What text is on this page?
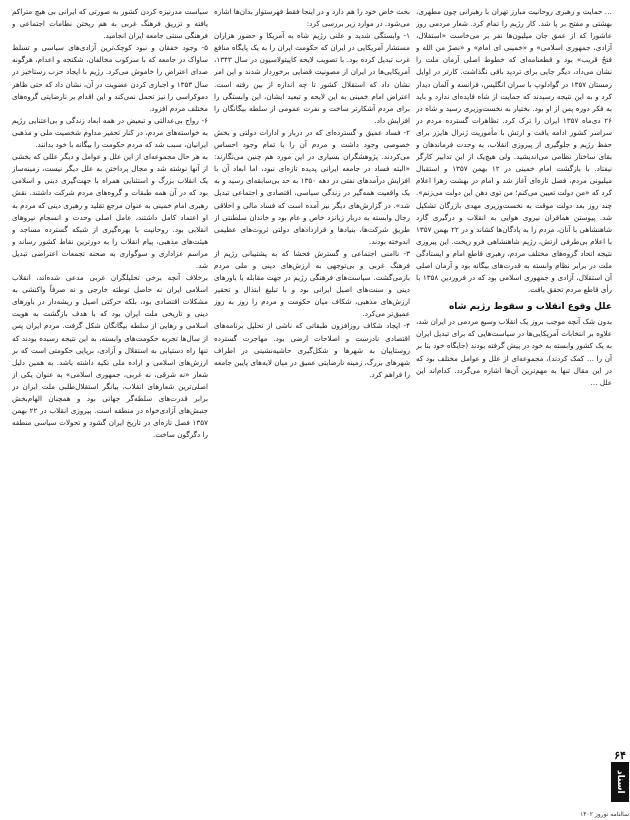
… حمایت و رهبری روحانیت مبارز تهران با رهبرانی چون مطهری، بهشتی و مفتح بر پا شد. کار رژیم را تمام کرد. شعار مردمی روز عاشورا که از عمق جان میلیون‌ها نفر بر می‌خاست «استقلال، آزادی، جمهوری اسلامی» و «خمینی ای امام» و «نصرٌ من الله و فتحٌ قریب» بود و قطعنامه‌ای که خطوط اصلی آرمان ملت را نشان می‌داد، دیگر جایی برای تردید باقی نگذاشت. کارتر در اوایل زمستان ۱۳۵۷ در گوادلوپ با سران انگلیس، فرانسه و آلمان دیدار کرد و به این نتیجه رسیدند که حمایت از شاه فایده‌ای ندارد و باید به فکر دوره پس از او بود. بختیار به نخست‌وزیری رسید و شاه در ۲۶ دی‌ماه ۱۳۵۷ ایران را ترک کرد. تظاهرات گسترده مردم در سراسر کشور ادامه یافت و ارتش با مأموریت ژنرال هایزر برای حفظ رژیم و جلوگیری از پیروزی انقلاب، به وحدت فرماندهان و بقای ساختار نظامی می‌اندیشید. ولی هیچ‌یک از این تدابیر کارگر نیفتاد. با بازگشت امام خمینی در ۱۲ بهمن ۱۳۵۷ و استقبال میلیونی مردم، فصل تازه‌ای آغاز شد و امام در بهشت زهرا اعلام کرد که «من دولت تعیین می‌کنم؛ من توی دهن این دولت می‌زنم». چند روز بعد دولت موقت به نخست‌وزیری مهدی بازرگان تشکیل شد. پیوستن همافران نیروی هوایی به انقلاب و درگیری گارد شاهنشاهی با آنان، مردم را به پادگان‌ها کشاند و در ۲۲ بهمن ۱۳۵۷ با اعلام بی‌طرفی ارتش، رژیم شاهنشاهی فرو ریخت. این پیروزی نتیجه اتحاد گروه‌های مختلف مردم، رهبری قاطع امام و ایستادگی ملت در برابر نظام وابسته به قدرت‌های بیگانه بود و آرمان اصلی آن استقلال، آزادی و جمهوری اسلامی بود که در فروردین ۱۳۵۸ با رأی قاطع مردم تحقق یافت.

علل وقوع انقلاب و سقوط رژیم شاه

بدون شک آنچه موجب بروز یک انقلاب وسیع مردمی در ایران شد، علاوه بر انتخابات آمریکایی‌ها در سیاست‌هایی که برای تبدیل ایران به یک کشور وابسته به خود در پیش گرفته بودند (جایگاه خود بنا بر آن را … کمک کردند)، مجموعه‌ای از علل و عوامل مختلف بود که در این مقال تنها به مهم‌ترین آن‌ها اشاره می‌گردد. کدام‌اند این علل …

بحث خاص خود را هم دارد و در اینجا فقط فهرستوار بدان‌ها اشاره می‌شود. در موارد زیر بررسی کرد:

۱- وابستگی شدید و علنی رژیم شاه به آمریکا و حضور هزاران مستشار آمریکایی در ایران که حکومت ایران را به یک پایگاه منافع غرب تبدیل کرده بود. با تصویب لایحه کاپیتولاسیون در سال ۱۳۴۳، آمریکایی‌ها در ایران از مصونیت قضایی برخوردار شدند و این امر نشان داد که استقلال کشور تا چه اندازه از بین رفته است. اعتراض امام خمینی به این لایحه و تبعید ایشان، این وابستگی را برای مردم آشکارتر ساخت و نفرت عمومی از سلطه بیگانگان را افزایش داد.

۲- فساد عمیق و گسترده‌ای که در دربار و ادارات دولتی و بخش خصوصی وجود داشت و مردم آن را با تمام وجود احساس می‌کردند. پژوهشگران بسیاری در این مورد هم چنین می‌نگارند: «البته فساد در جامعه ایرانی پدیده تازه‌ای نبود، اما ابعاد آن با افزایش درآمدهای نفتی در دهه ۱۳۵۰ به حد بی‌سابقه‌ای رسید و به یک واقعیت همه‌گیر در زندگی سیاسی، اقتصادی و اجتماعی تبدیل شد». در گزارش‌های دیگر نیز آمده است که فساد مالی و اخلاقی رجال وابسته به دربار زبانزد خاص و عام بود و خاندان سلطنتی از طریق شرکت‌ها، بنیادها و قراردادهای دولتی ثروت‌های عظیمی اندوخته بودند.

۳- ناامنی اجتماعی و گسترش فحشا که به پشتیبانی رژیم از فرهنگ غربی و بی‌توجهی به ارزش‌های دینی و ملی مردم بازمی‌گشت. سیاست‌های فرهنگی رژیم در جهت مقابله با باورهای دینی و سنت‌های اصیل ایرانی بود و با تبلیغ ابتذال و تحقیر ارزش‌های مذهبی، شکاف میان حکومت و مردم را روز به روز عمیق‌تر می‌کرد.

۴- ایجاد شکاف روزافزون طبقاتی که ناشی از تحلیل برنامه‌های اقتصادی نادرست و اصلاحات ارضی بود. مهاجرت گسترده روستاییان به شهرها و شکل‌گیری حاشیه‌نشینی در اطراف شهرهای بزرگ، زمینه نارضایتی عمیق در میان لایه‌های پایین جامعه را فراهم کرد.

سیاست مدرنیزه کردن کشور به صورتی که ایرانی بی هیچ متراکم یافته و تزریق فرهنگ غربی به هم ریختن نظامات اجتماعی و فرهنگی سنتی جامعه ایران انجامید.

۵- وجود خفقان و نبود کوچک‌ترین آزادی‌های سیاسی و تسلط ساواک در جامعه که با سرکوب مخالفان، شکنجه و اعدام، هرگونه صدای اعتراض را خاموش می‌کرد. رژیم با ایجاد حزب رستاخیز در سال ۱۳۵۳ و اجباری کردن عضویت در آن، نشان داد که حتی ظاهر دموکراسی را نیز تحمل نمی‌کند و این اقدام بر نارضایتی گروه‌های مختلف مردم افزود.

۶- رواج بی‌عدالتی و تبعیض در همه ابعاد زندگی و بی‌اعتنایی رژیم به خواسته‌های مردم، در کنار تحقیر مداوم شخصیت ملی و مذهبی ایرانیان، سبب شد که مردم حکومت را بیگانه با خود بدانند.

به هر حال مجموعه‌ای از این علل و عوامل و دیگر عللی که بخشی از آنها نوشته شد و مجال پرداختن به علل دیگر نیست، زمینه‌ساز یک انقلاب بزرگ و استثنایی همراه با جهت‌گیری دینی و اسلامی بود که در آن همه طبقات و گروه‌های مردم شرکت داشتند. نقش رهبری امام خمینی به عنوان مرجع تقلید و رهبری دینی که مردم به او اعتماد کامل داشتند، عامل اصلی وحدت و انسجام نیروهای انقلابی بود. روحانیت با بهره‌گیری از شبکه گسترده مساجد و هیئت‌های مذهبی، پیام انقلاب را به دورترین نقاط کشور رساند و مراسم عزاداری و سوگواری به صحنه تجمعات اعتراضی تبدیل شد.

برخلاف آنچه برخی تحلیلگران غربی مدعی شده‌اند، انقلاب اسلامی ایران نه حاصل توطئه خارجی و نه صرفاً واکنشی به مشکلات اقتصادی بود، بلکه حرکتی اصیل و ریشه‌دار در باورهای دینی و تاریخی ملت ایران بود که با هدف بازگشت به هویت اسلامی و رهایی از سلطه بیگانگان شکل گرفت. مردم ایران پس از سال‌ها تجربه حکومت‌های وابسته، به این نتیجه رسیده بودند که تنها راه دستیابی به استقلال و آزادی، برپایی حکومتی است که بر ارزش‌های اسلامی و اراده ملی تکیه داشته باشد. به همین دلیل شعار «نه شرقی، نه غربی، جمهوری اسلامی» به عنوان یکی از اصلی‌ترین شعارهای انقلاب، بیانگر استقلال‌طلبی ملت ایران در برابر قدرت‌های سلطه‌گر جهانی بود و همچنان الهام‌بخش جنبش‌های آزادی‌خواه در منطقه است. پیروزی انقلاب در ۲۲ بهمن ۱۳۵۷ فصل تازه‌ای در تاریخ ایران گشود و تحولات سیاسی منطقه را دگرگون ساخت.

۶۴
اسناد
سالنامه نوروز ۱۴۰۲
